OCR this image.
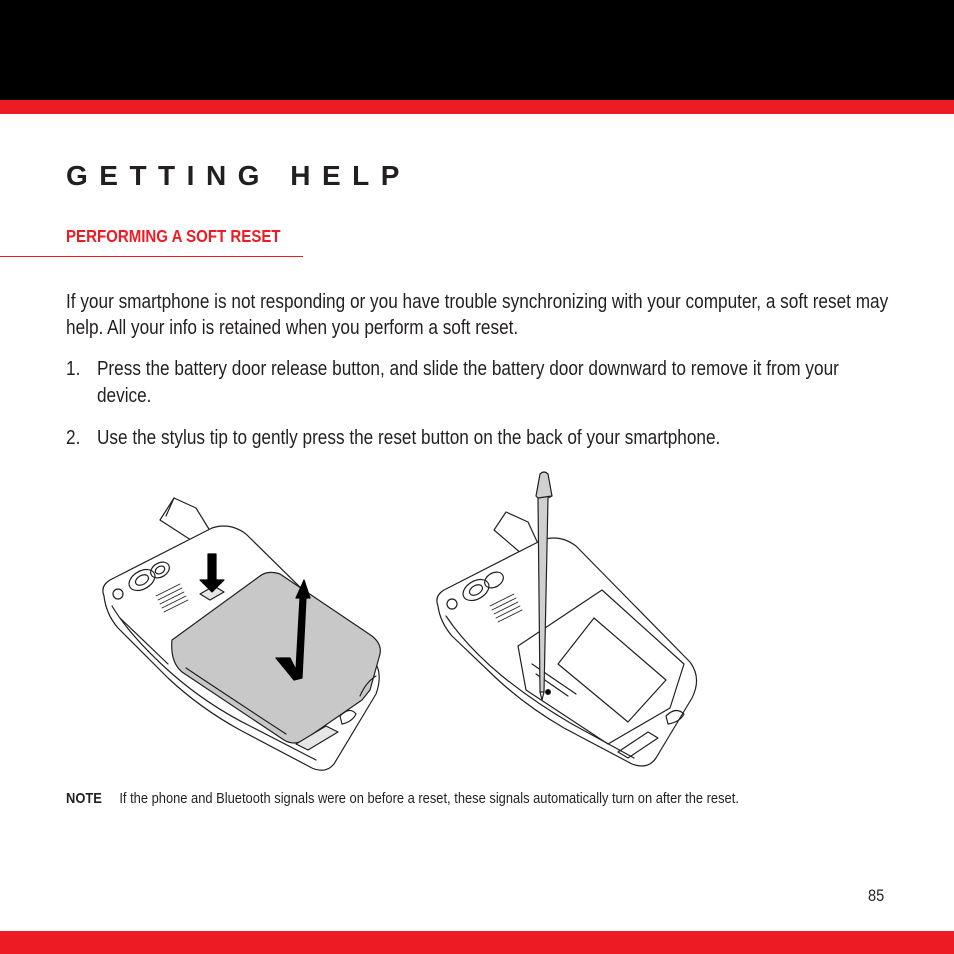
GETTING HELP
PERFORMING A SOFT RESET

If your smartphone is not responding or you have trouble synchronizing with your computer, a soft reset may help. All your info is retained when you perform a soft reset.

1. Press the battery door release button, and slide the battery door downward to remove it from your device.
2. Use the stylus tip to gently press the reset button on the back of your smartphone.
NOTE If the phone and Bluetooth signals were on before a reset, these signals automatically turn on after the reset.
85
